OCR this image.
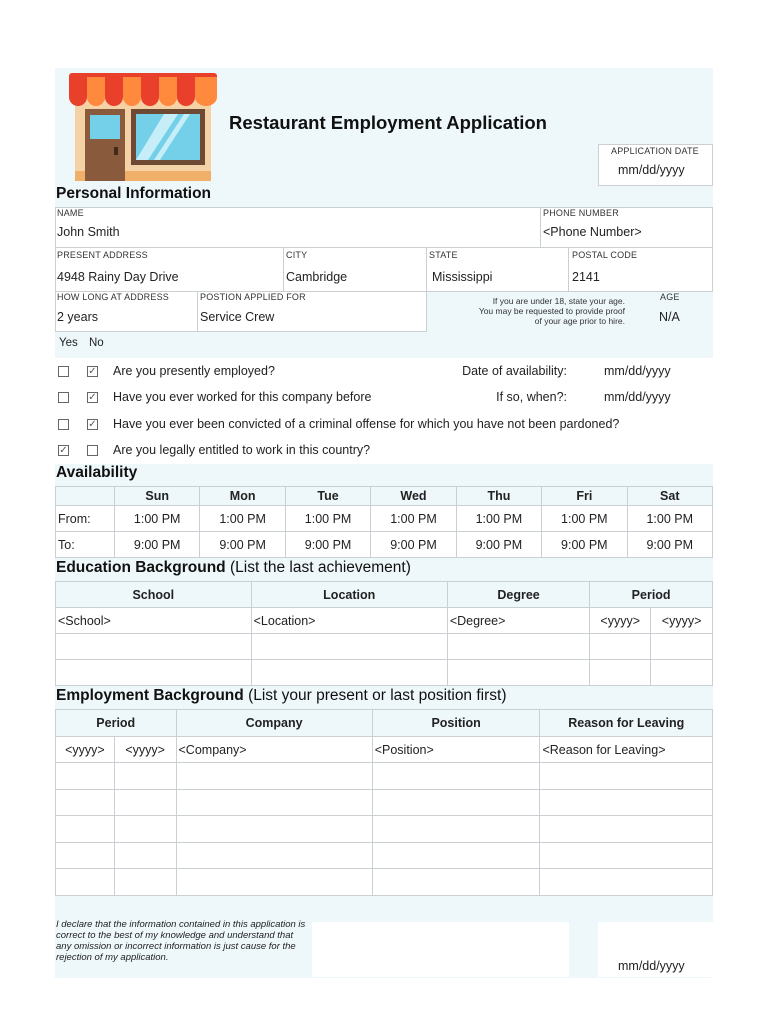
Restaurant Employment Application
APPLICATION DATE
mm/dd/yyyy
Personal Information
NAME
John Smith
PHONE NUMBER
<Phone Number>
PRESENT ADDRESS
4948 Rainy Day Drive
CITY
Cambridge
STATE
Mississippi
POSTAL CODE
2141
HOW LONG AT ADDRESS
2 years
POSTION APPLIED FOR
Service Crew
If you are under 18, state your age.
You may be requested to provide proof
of your age prior to hire.
AGE
N/A
Yes No
✓ Are you presently employed?	Date of availability:	mm/dd/yyyy
✓ Have you ever worked for this company before	If so, when?:	mm/dd/yyyy
✓ Have you ever been convicted of a criminal offense for which you have not been pardoned?
✓	Are you legally entitled to work in this country?
Availability
	Sun	Mon	Tue	Wed	Thu	Fri	Sat
From:	1:00 PM	1:00 PM	1:00 PM	1:00 PM	1:00 PM	1:00 PM	1:00 PM
To:	9:00 PM	9:00 PM	9:00 PM	9:00 PM	9:00 PM	9:00 PM	9:00 PM
Education Background (List the last achievement)
School	Location	Degree	Period	
<School>	<Location>	<Degree>	<yyyy>	<yyyy>

Employment Background (List your present or last position first)
Period		Company	Position	Reason for Leaving
<yyyy>	<yyyy>	<Company>	<Position>	<Reason for Leaving>

I declare that the information contained in this application is correct to the best of my knowledge and understand that any omission or incorrect information is just cause for the rejection of my application.
mm/dd/yyyy
